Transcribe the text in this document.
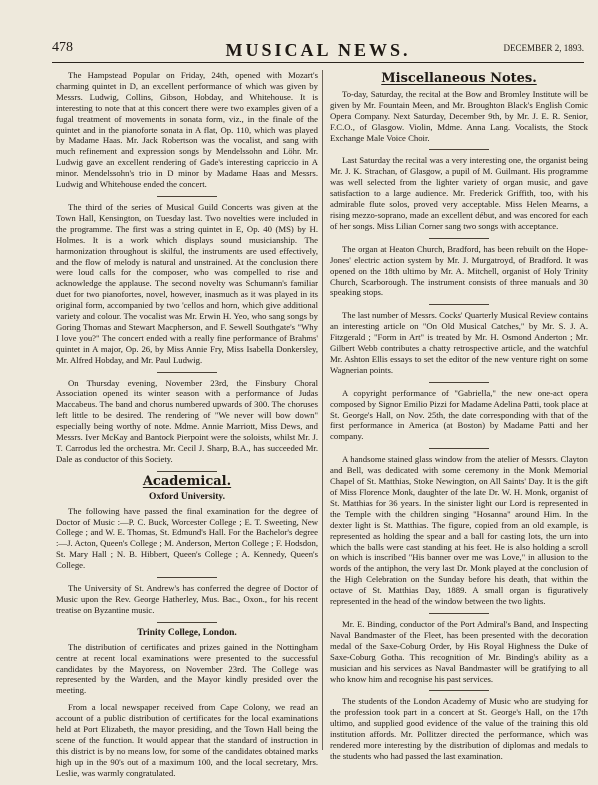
478	MUSICAL NEWS.	DECEMBER 2, 1893.

The Hampstead Popular on Friday, 24th, opened with Mozart's charming quintet in D, an excellent performance of which was given by Messrs. Ludwig, Collins, Gibson, Hobday, and Whitehouse. It is interesting to note that at this concert there were two examples given of a fugal treatment of movements in sonata form, viz., in the finale of the quintet and in the pianoforte sonata in A flat, Op. 110, which was played by Madame Haas. Mr. Jack Robertson was the vocalist, and sang with much refinement and expression songs by Mendelssohn and Löhr. Mr. Ludwig gave an excellent rendering of Gade's interesting capriccio in A minor. Mendelssohn's trio in D minor by Madame Haas and Messrs. Ludwig and Whitehouse ended the concert.

The third of the series of Musical Guild Concerts was given at the Town Hall, Kensington, on Tuesday last. Two novelties were included in the programme. The first was a string quintet in E, Op. 40 (MS) by H. Holmes. It is a work which displays sound musicianship. The harmonization throughout is skilful, the instruments are used effectively, and the flow of melody is natural and unstrained. At the conclusion there were loud calls for the composer, who was compelled to rise and acknowledge the applause. The second novelty was Schumann's familiar duet for two pianofortes, novel, however, inasmuch as it was played in its original form, accompanied by two 'cellos and horn, which give additional variety and colour. The vocalist was Mr. Erwin H. Yeo, who sang songs by Goring Thomas and Stewart Macpherson, and F. Sewell Southgate's "Why I love you?" The concert ended with a really fine performance of Brahms' quintet in A major, Op. 26, by Miss Annie Fry, Miss Isabella Donkersley, Mr. Alfred Hobday, and Mr. Paul Ludwig.

On Thursday evening, November 23rd, the Finsbury Choral Association opened its winter season with a performance of Judas Maccabeus. The band and chorus numbered upwards of 300. The choruses left little to be desired. The rendering of "We never will bow down" especially being worthy of note. Mdme. Annie Marriott, Miss Dews, and Messrs. Iver McKay and Bantock Pierpoint were the soloists, whilst Mr. J. T. Carrodus led the orchestra. Mr. Cecil J. Sharp, B.A., has succeeded Mr. Dale as conductor of this Society.

Academical.
Oxford University.

The following have passed the final examination for the degree of Doctor of Music :—P. C. Buck, Worcester College ; E. T. Sweeting, New College ; and W. E. Thomas, St. Edmund's Hall. For the Bachelor's degree :—J. Acton, Queen's College ; M. Anderson, Merton College ; F. Hodsdon, St. Mary Hall ; N. B. Hibbert, Queen's College ; A. Kennedy, Queen's College.

The University of St. Andrew's has conferred the degree of Doctor of Music upon the Rev. George Hatherley, Mus. Bac., Oxon., for his recent treatise on Byzantine music.

Trinity College, London.

The distribution of certificates and prizes gained in the Nottingham centre at recent local examinations were presented to the successful candidates by the Mayoress, on November 23rd. The College was represented by the Warden, and the Mayor kindly presided over the meeting.

From a local newspaper received from Cape Colony, we read an account of a public distribution of certificates for the local examinations held at Port Elizabeth, the mayor presiding, and the Town Hall being the scene of the function. It would appear that the standard of instruction in this district is by no means low, for some of the candidates obtained marks high up in the 90's out of a maximum 100, and the local secretary, Mrs. Leslie, was warmly congratulated.

Miscellaneous Notes.

To-day, Saturday, the recital at the Bow and Bromley Institute will be given by Mr. Fountain Meen, and Mr. Broughton Black's English Comic Opera Company. Next Saturday, December 9th, by Mr. J. E. R. Senior, F.C.O., of Glasgow. Violin, Mdme. Anna Lang. Vocalists, the Stock Exchange Male Voice Choir.

Last Saturday the recital was a very interesting one, the organist being Mr. J. K. Strachan, of Glasgow, a pupil of M. Guilmant. His programme was well selected from the lighter variety of organ music, and gave satisfaction to a large audience. Mr. Frederick Griffith, too, with his admirable flute solos, proved very acceptable. Miss Helen Mearns, a rising mezzo-soprano, made an excellent début, and was encored for each of her songs. Miss Lilian Corner sang two songs with acceptance.

The organ at Heaton Church, Bradford, has been rebuilt on the Hope-Jones' electric action system by Mr. J. Murgatroyd, of Bradford. It was opened on the 18th ultimo by Mr. A. Mitchell, organist of Holy Trinity Church, Scarborough. The instrument consists of three manuals and 30 speaking stops.

The last number of Messrs. Cocks' Quarterly Musical Review contains an interesting article on "On Old Musical Catches," by Mr. S. J. A. Fitzgerald ; "Form in Art" is treated by Mr. H. Osmond Anderton ; Mr. Gilbert Webb contributes a chatty retrospective article, and the watchful Mr. Ashton Ellis essays to set the editor of the new venture right on some Wagnerian points.

A copyright performance of "Gabriella," the new one-act opera composed by Signor Emilio Pizzi for Madame Adelina Patti, took place at St. George's Hall, on Nov. 25th, the date corresponding with that of the first performance in America (at Boston) by Madame Patti and her company.

A handsome stained glass window from the atelier of Messrs. Clayton and Bell, was dedicated with some ceremony in the Monk Memorial Chapel of St. Matthias, Stoke Newington, on All Saints' Day. It is the gift of Miss Florence Monk, daughter of the late Dr. W. H. Monk, organist of St. Matthias for 36 years. In the sinister light our Lord is represented in the Temple with the children singing "Hosanna" around Him. In the dexter light is St. Matthias. The figure, copied from an old example, is represented as holding the spear and a ball for casting lots, the urn into which the balls were cast standing at his feet. He is also holding a scroll on which is inscribed "His banner over me was Love," in allusion to the words of the antiphon, the very last Dr. Monk played at the conclusion of the High Celebration on the Sunday before his death, that within the octave of St. Matthias Day, 1889. A small organ is figuratively represented in the head of the window between the two lights.

Mr. E. Binding, conductor of the Port Admiral's Band, and Inspecting Naval Bandmaster of the Fleet, has been presented with the decoration medal of the Saxe-Coburg Order, by His Royal Highness the Duke of Saxe-Coburg Gotha. This recognition of Mr. Binding's ability as a musician and his services as Naval Bandmaster will be gratifying to all who know him and recognise his past services.

The students of the London Academy of Music who are studying for the profession took part in a concert at St. George's Hall, on the 17th ultimo, and supplied good evidence of the value of the training this old institution affords. Mr. Pollitzer directed the performance, which was rendered more interesting by the distribution of diplomas and medals to the students who had passed the last examination.
